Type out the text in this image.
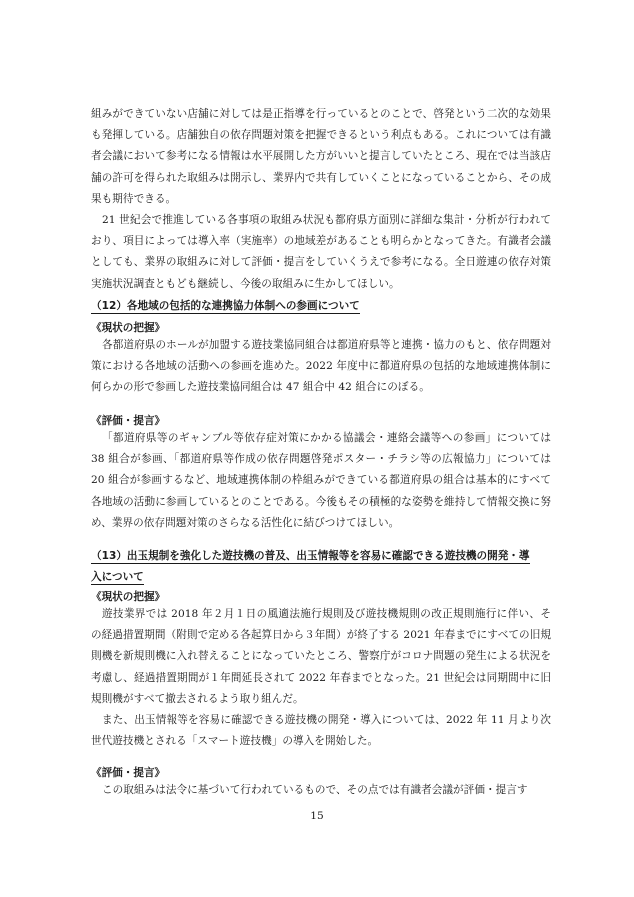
組みができていない店舗に対しては是正指導を行っているとのことで、啓発という二次的な効果も発揮している。店舗独自の依存問題対策を把握できるという利点もある。これについては有識者会議において参考になる情報は水平展開した方がいいと提言していたところ、現在では当該店舗の許可を得られた取組みは開示し、業界内で共有していくことになっていることから、その成果も期待できる。

21 世紀会で推進している各事項の取組み状況も都府県方面別に詳細な集計・分析が行われており、項目によっては導入率（実施率）の地域差があることも明らかとなってきた。有識者会議としても、業界の取組みに対して評価・提言をしていくうえで参考になる。全日遊連の依存対策実施状況調査ともども継続し、今後の取組みに生かしてほしい。

（12）各地域の包括的な連携協力体制への参画について

《現状の把握》

各都道府県のホールが加盟する遊技業協同組合は都道府県等と連携・協力のもと、依存問題対策における各地域の活動への参画を進めた。2022 年度中に都道府県の包括的な地域連携体制に何らかの形で参画した遊技業協同組合は 47 組合中 42 組合にのぼる。

《評価・提言》

「都道府県等のギャンブル等依存症対策にかかる協議会・連絡会議等への参画」については 38 組合が参画、「都道府県等作成の依存問題啓発ポスター・チラシ等の広報協力」については 20 組合が参画するなど、地域連携体制の枠組みができている都道府県の組合は基本的にすべて各地域の活動に参画しているとのことである。今後もその積極的な姿勢を維持して情報交換に努め、業界の依存問題対策のさらなる活性化に結びつけてほしい。

（13）出玉規制を強化した遊技機の普及、出玉情報等を容易に確認できる遊技機の開発・導

入について

《現状の把握》

遊技業界では 2018 年２月１日の風適法施行規則及び遊技機規則の改正規則施行に伴い、その経過措置期間（附則で定める各起算日から３年間）が終了する 2021 年春までにすべての旧規則機を新規則機に入れ替えることになっていたところ、警察庁がコロナ問題の発生による状況を考慮し、経過措置期間が１年間延長されて 2022 年春までとなった。21 世紀会は同期間中に旧規則機がすべて撤去されるよう取り組んだ。

また、出玉情報等を容易に確認できる遊技機の開発・導入については、2022 年 11 月より次世代遊技機とされる「スマート遊技機」の導入を開始した。

《評価・提言》

この取組みは法令に基づいて行われているもので、その点では有識者会議が評価・提言す

15
